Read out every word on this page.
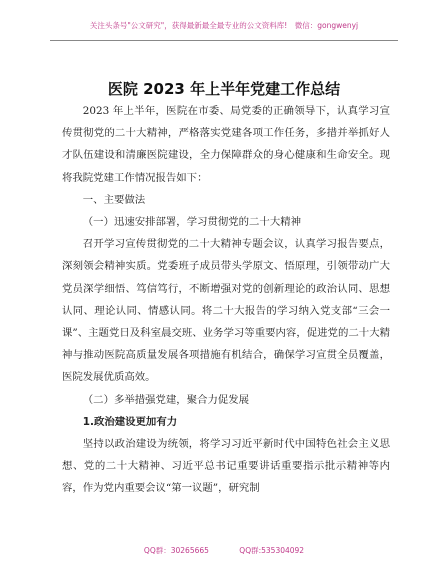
关注头条号"公文研究"，获得最新最全最专业的公文资料库!　微信：gongwenyj
医院 2023 年上半年党建工作总结

2023 年上半年，医院在市委、局党委的正确领导下，认真学习宣传贯彻党的二十大精神，严格落实党建各项工作任务，多措并举抓好人才队伍建设和清廉医院建设，全力保障群众的身心健康和生命安全。现将我院党建工作情况报告如下：

一、主要做法

（一）迅速安排部署，学习贯彻党的二十大精神

召开学习宣传贯彻党的二十大精神专题会议，认真学习报告要点，深刻领会精神实质。党委班子成员带头学原文、悟原理，引领带动广大党员深学细悟、笃信笃行，不断增强对党的创新理论的政治认同、思想认同、理论认同、情感认同。将二十大报告的学习纳入党支部“三会一课”、主题党日及科室晨交班、业务学习等重要内容，促进党的二十大精神与推动医院高质量发展各项措施有机结合，确保学习宣贯全员覆盖，医院发展优质高效。

（二）多举措强党建，聚合力促发展

1.政治建设更加有力

坚持以政治建设为统领，将学习习近平新时代中国特色社会主义思想、党的二十大精神、习近平总书记重要讲话重要指示批示精神等内容，作为党内重要会议“第一议题”，研究制

QQ群：30265665	QQ群:535304092
